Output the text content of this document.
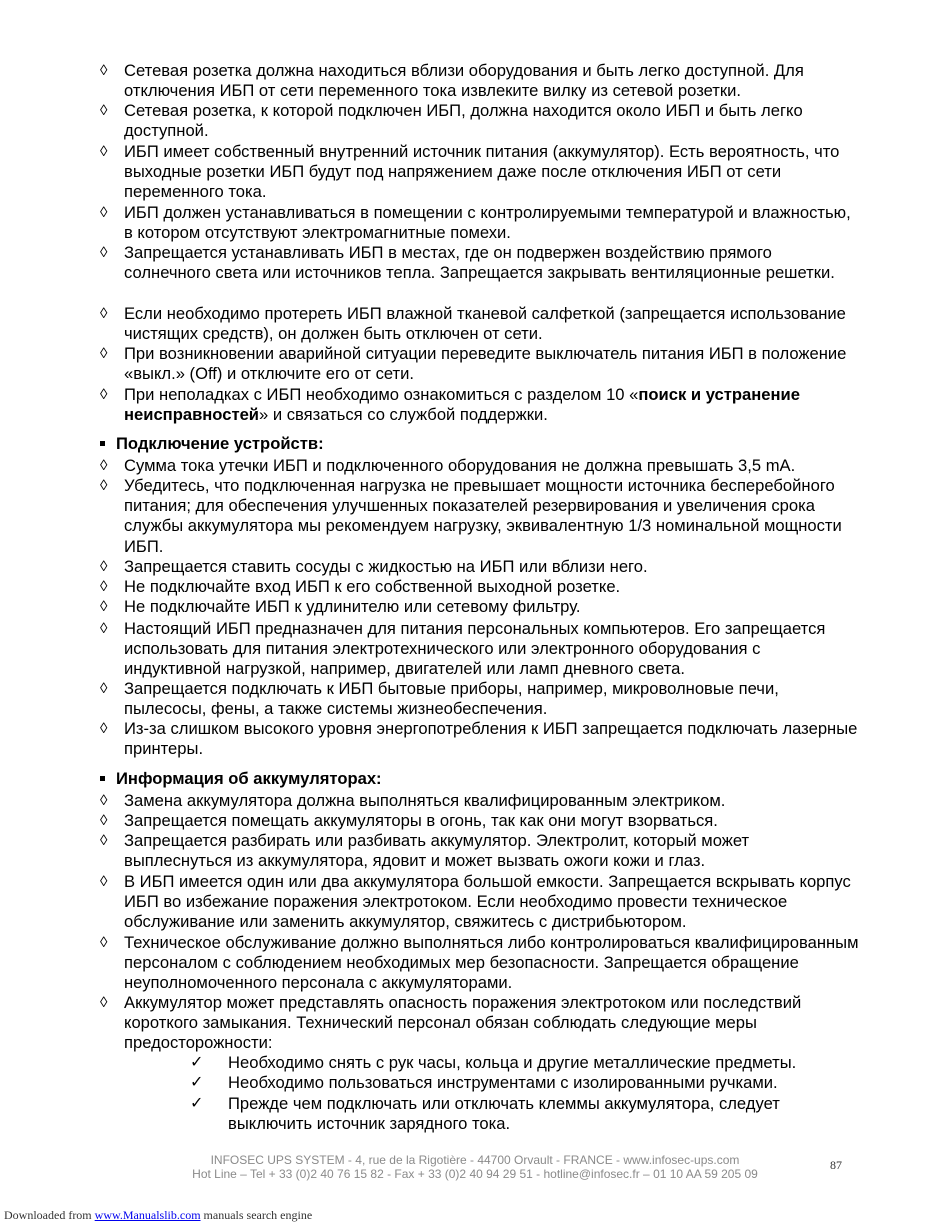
◊ Сетевая розетка должна находиться вблизи оборудования и быть легко доступной. Для отключения ИБП от сети переменного тока извлеките вилку из сетевой розетки.
◊ Сетевая розетка, к которой подключен ИБП, должна находится около ИБП и быть легко доступной.
◊ ИБП имеет собственный внутренний источник питания (аккумулятор). Есть вероятность, что выходные розетки ИБП будут под напряжением даже после отключения ИБП от сети переменного тока.
◊ ИБП должен устанавливаться в помещении с контролируемыми температурой и влажностью, в котором отсутствуют электромагнитные помехи.
◊ Запрещается устанавливать ИБП в местах, где он подвержен воздействию прямого солнечного света или источников тепла. Запрещается закрывать вентиляционные решетки.
◊ Если необходимо протереть ИБП влажной тканевой салфеткой (запрещается использование чистящих средств), он должен быть отключен от сети.
◊ При возникновении аварийной ситуации переведите выключатель питания ИБП в положение «выкл.» (Off) и отключите его от сети.
◊ При неполадках с ИБП необходимо ознакомиться с разделом 10 «поиск и устранение неисправностей» и связаться со службой поддержки.
Подключение устройств:
◊ Сумма тока утечки ИБП и подключенного оборудования не должна превышать 3,5 mA.
◊ Убедитесь, что подключенная нагрузка не превышает мощности источника бесперебойного питания; для обеспечения улучшенных показателей резервирования и увеличения срока службы аккумулятора мы рекомендуем нагрузку, эквивалентную 1/3 номинальной мощности ИБП.
◊ Запрещается ставить сосуды с жидкостью на ИБП или вблизи него.
◊ Не подключайте вход ИБП к его собственной выходной розетке.
◊ Не подключайте ИБП к удлинителю или сетевому фильтру.
◊ Настоящий ИБП предназначен для питания персональных компьютеров. Его запрещается использовать для питания электротехнического или электронного оборудования с индуктивной нагрузкой, например, двигателей или ламп дневного света.
◊ Запрещается подключать к ИБП бытовые приборы, например, микроволновые печи, пылесосы, фены, а также системы жизнеобеспечения.
◊ Из-за слишком высокого уровня энергопотребления к ИБП запрещается подключать лазерные принтеры.
Информация об аккумуляторах:
◊ Замена аккумулятора должна выполняться квалифицированным электриком.
◊ Запрещается помещать аккумуляторы в огонь, так как они могут взорваться.
◊ Запрещается разбирать или разбивать аккумулятор. Электролит, который может выплеснуться из аккумулятора, ядовит и может вызвать ожоги кожи и глаз.
◊ В ИБП имеется один или два аккумулятора большой емкости. Запрещается вскрывать корпус ИБП во избежание поражения электротоком. Если необходимо провести техническое обслуживание или заменить аккумулятор, свяжитесь с дистрибьютором.
◊ Техническое обслуживание должно выполняться либо контролироваться квалифицированным персоналом с соблюдением необходимых мер безопасности. Запрещается обращение неуполномоченного персонала с аккумуляторами.
◊ Аккумулятор может представлять опасность поражения электротоком или последствий короткого замыкания. Технический персонал обязан соблюдать следующие меры предосторожности:
✓ Необходимо снять с рук часы, кольца и другие металлические предметы.
✓ Необходимо пользоваться инструментами с изолированными ручками.
✓ Прежде чем подключать или отключать клеммы аккумулятора, следует выключить источник зарядного тока.
INFOSEC UPS SYSTEM - 4, rue de la Rigotière - 44700 Orvault - FRANCE - www.infosec-ups.com
Hot Line – Tel + 33 (0)2 40 76 15 82 - Fax + 33 (0)2 40 94 29 51 - hotline@infosec.fr – 01 10 AA 59 205 09
87
Downloaded from www.Manualslib.com manuals search engine
